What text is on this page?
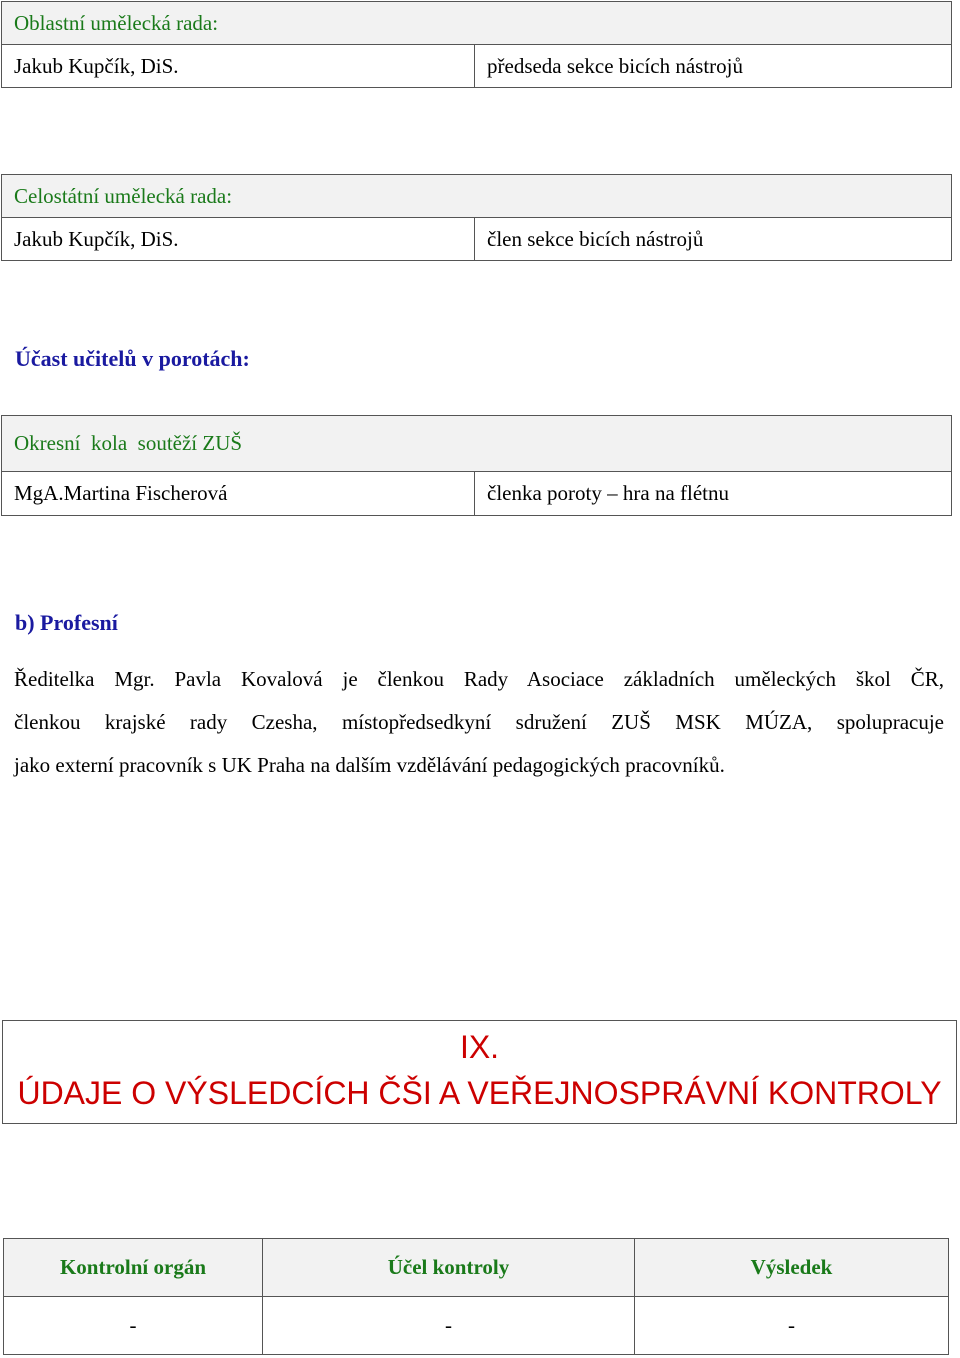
Oblastní umělecká rada:
Jakub Kupčík, DiS.	předseda sekce bicích nástrojů
Celostátní umělecká rada:
Jakub Kupčík, DiS.	člen sekce bicích nástrojů
Účast učitelů v porotách:
Okresní  kola  soutěží ZUŠ
MgA.Martina Fischerová	členka poroty – hra na flétnu
b) Profesní
Ředitelka Mgr. Pavla Kovalová je členkou Rady Asociace základních uměleckých škol ČR,
členkou krajské rady Czesha, místopředsedkyní sdružení ZUŠ MSK MÚZA, spolupracuje
jako externí pracovník s UK Praha na dalším vzdělávání pedagogických pracovníků.
IX.
ÚDAJE O VÝSLEDCÍCH ČŠI A VEŘEJNOSPRÁVNÍ KONTROLY
Kontrolní orgán	Účel kontroly	Výsledek
-	-	-
